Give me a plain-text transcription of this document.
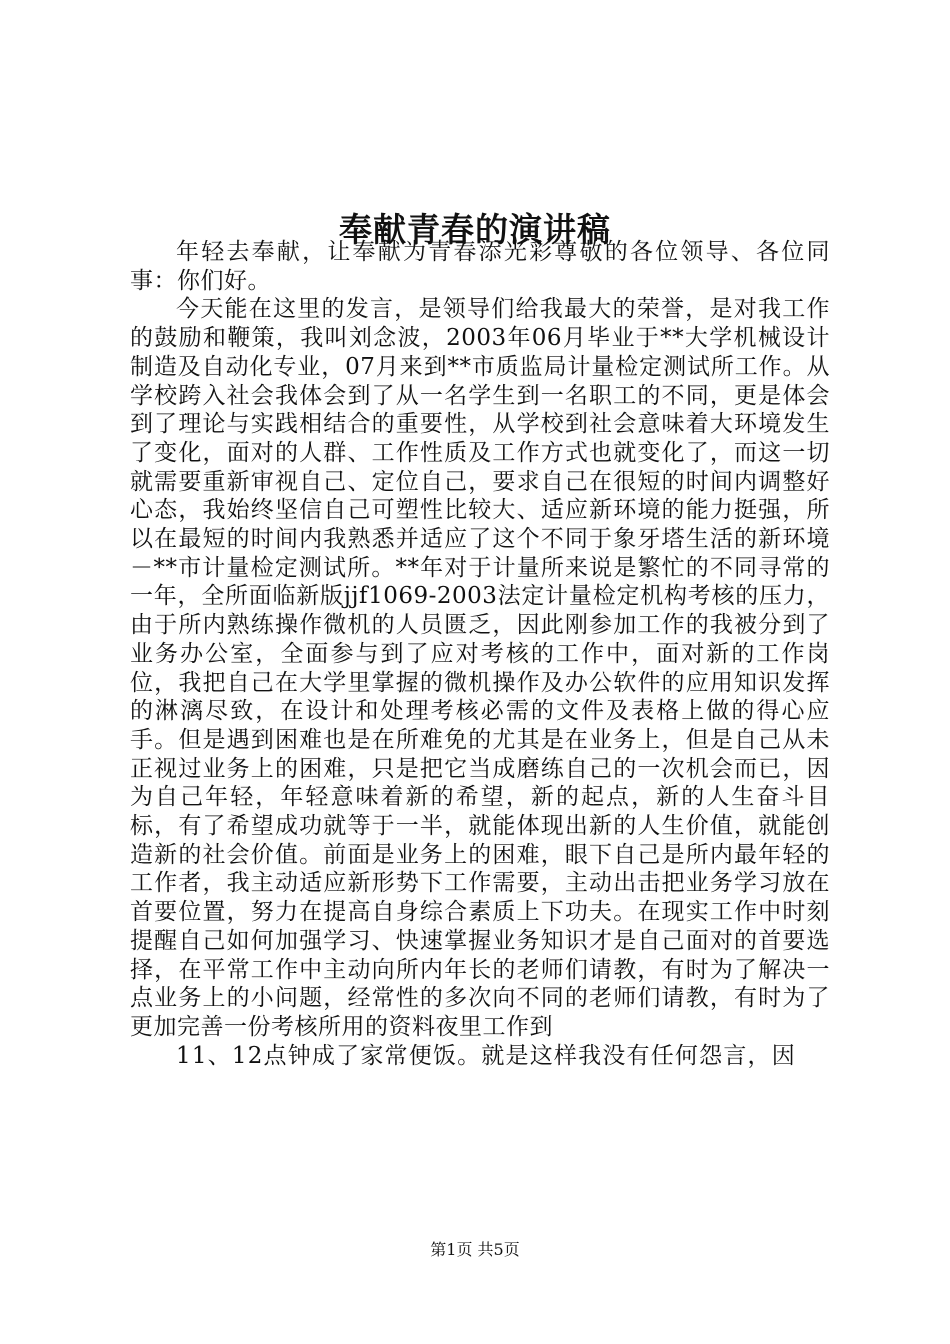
奉献青春的演讲稿

年轻去奉献，让奉献为青春添光彩尊敬的各位领导、各位同事：你们好。

今天能在这里的发言，是领导们给我最大的荣誉，是对我工作的鼓励和鞭策，我叫刘念波，2003年06月毕业于**大学机械设计制造及自动化专业，07月来到**市质监局计量检定测试所工作。从学校跨入社会我体会到了从一名学生到一名职工的不同，更是体会到了理论与实践相结合的重要性，从学校到社会意味着大环境发生了变化，面对的人群、工作性质及工作方式也就变化了，而这一切就需要重新审视自己、定位自己，要求自己在很短的时间内调整好心态，我始终坚信自己可塑性比较大、适应新环境的能力挺强，所以在最短的时间内我熟悉并适应了这个不同于象牙塔生活的新环境－**市计量检定测试所。**年对于计量所来说是繁忙的不同寻常的一年，全所面临新版jjf1069-2003法定计量检定机构考核的压力，由于所内熟练操作微机的人员匮乏，因此刚参加工作的我被分到了业务办公室，全面参与到了应对考核的工作中，面对新的工作岗位，我把自己在大学里掌握的微机操作及办公软件的应用知识发挥的淋漓尽致，在设计和处理考核必需的文件及表格上做的得心应手。但是遇到困难也是在所难免的尤其是在业务上，但是自己从未正视过业务上的困难，只是把它当成磨练自己的一次机会而已，因为自己年轻，年轻意味着新的希望，新的起点，新的人生奋斗目标，有了希望成功就等于一半，就能体现出新的人生价值，就能创造新的社会价值。前面是业务上的困难，眼下自己是所内最年轻的工作者，我主动适应新形势下工作需要，主动出击把业务学习放在首要位置，努力在提高自身综合素质上下功夫。在现实工作中时刻提醒自己如何加强学习、快速掌握业务知识才是自己面对的首要选择，在平常工作中主动向所内年长的老师们请教，有时为了解决一点业务上的小问题，经常性的多次向不同的老师们请教，有时为了更加完善一份考核所用的资料夜里工作到

11、12点钟成了家常便饭。就是这样我没有任何怨言，因

第1页 共5页
